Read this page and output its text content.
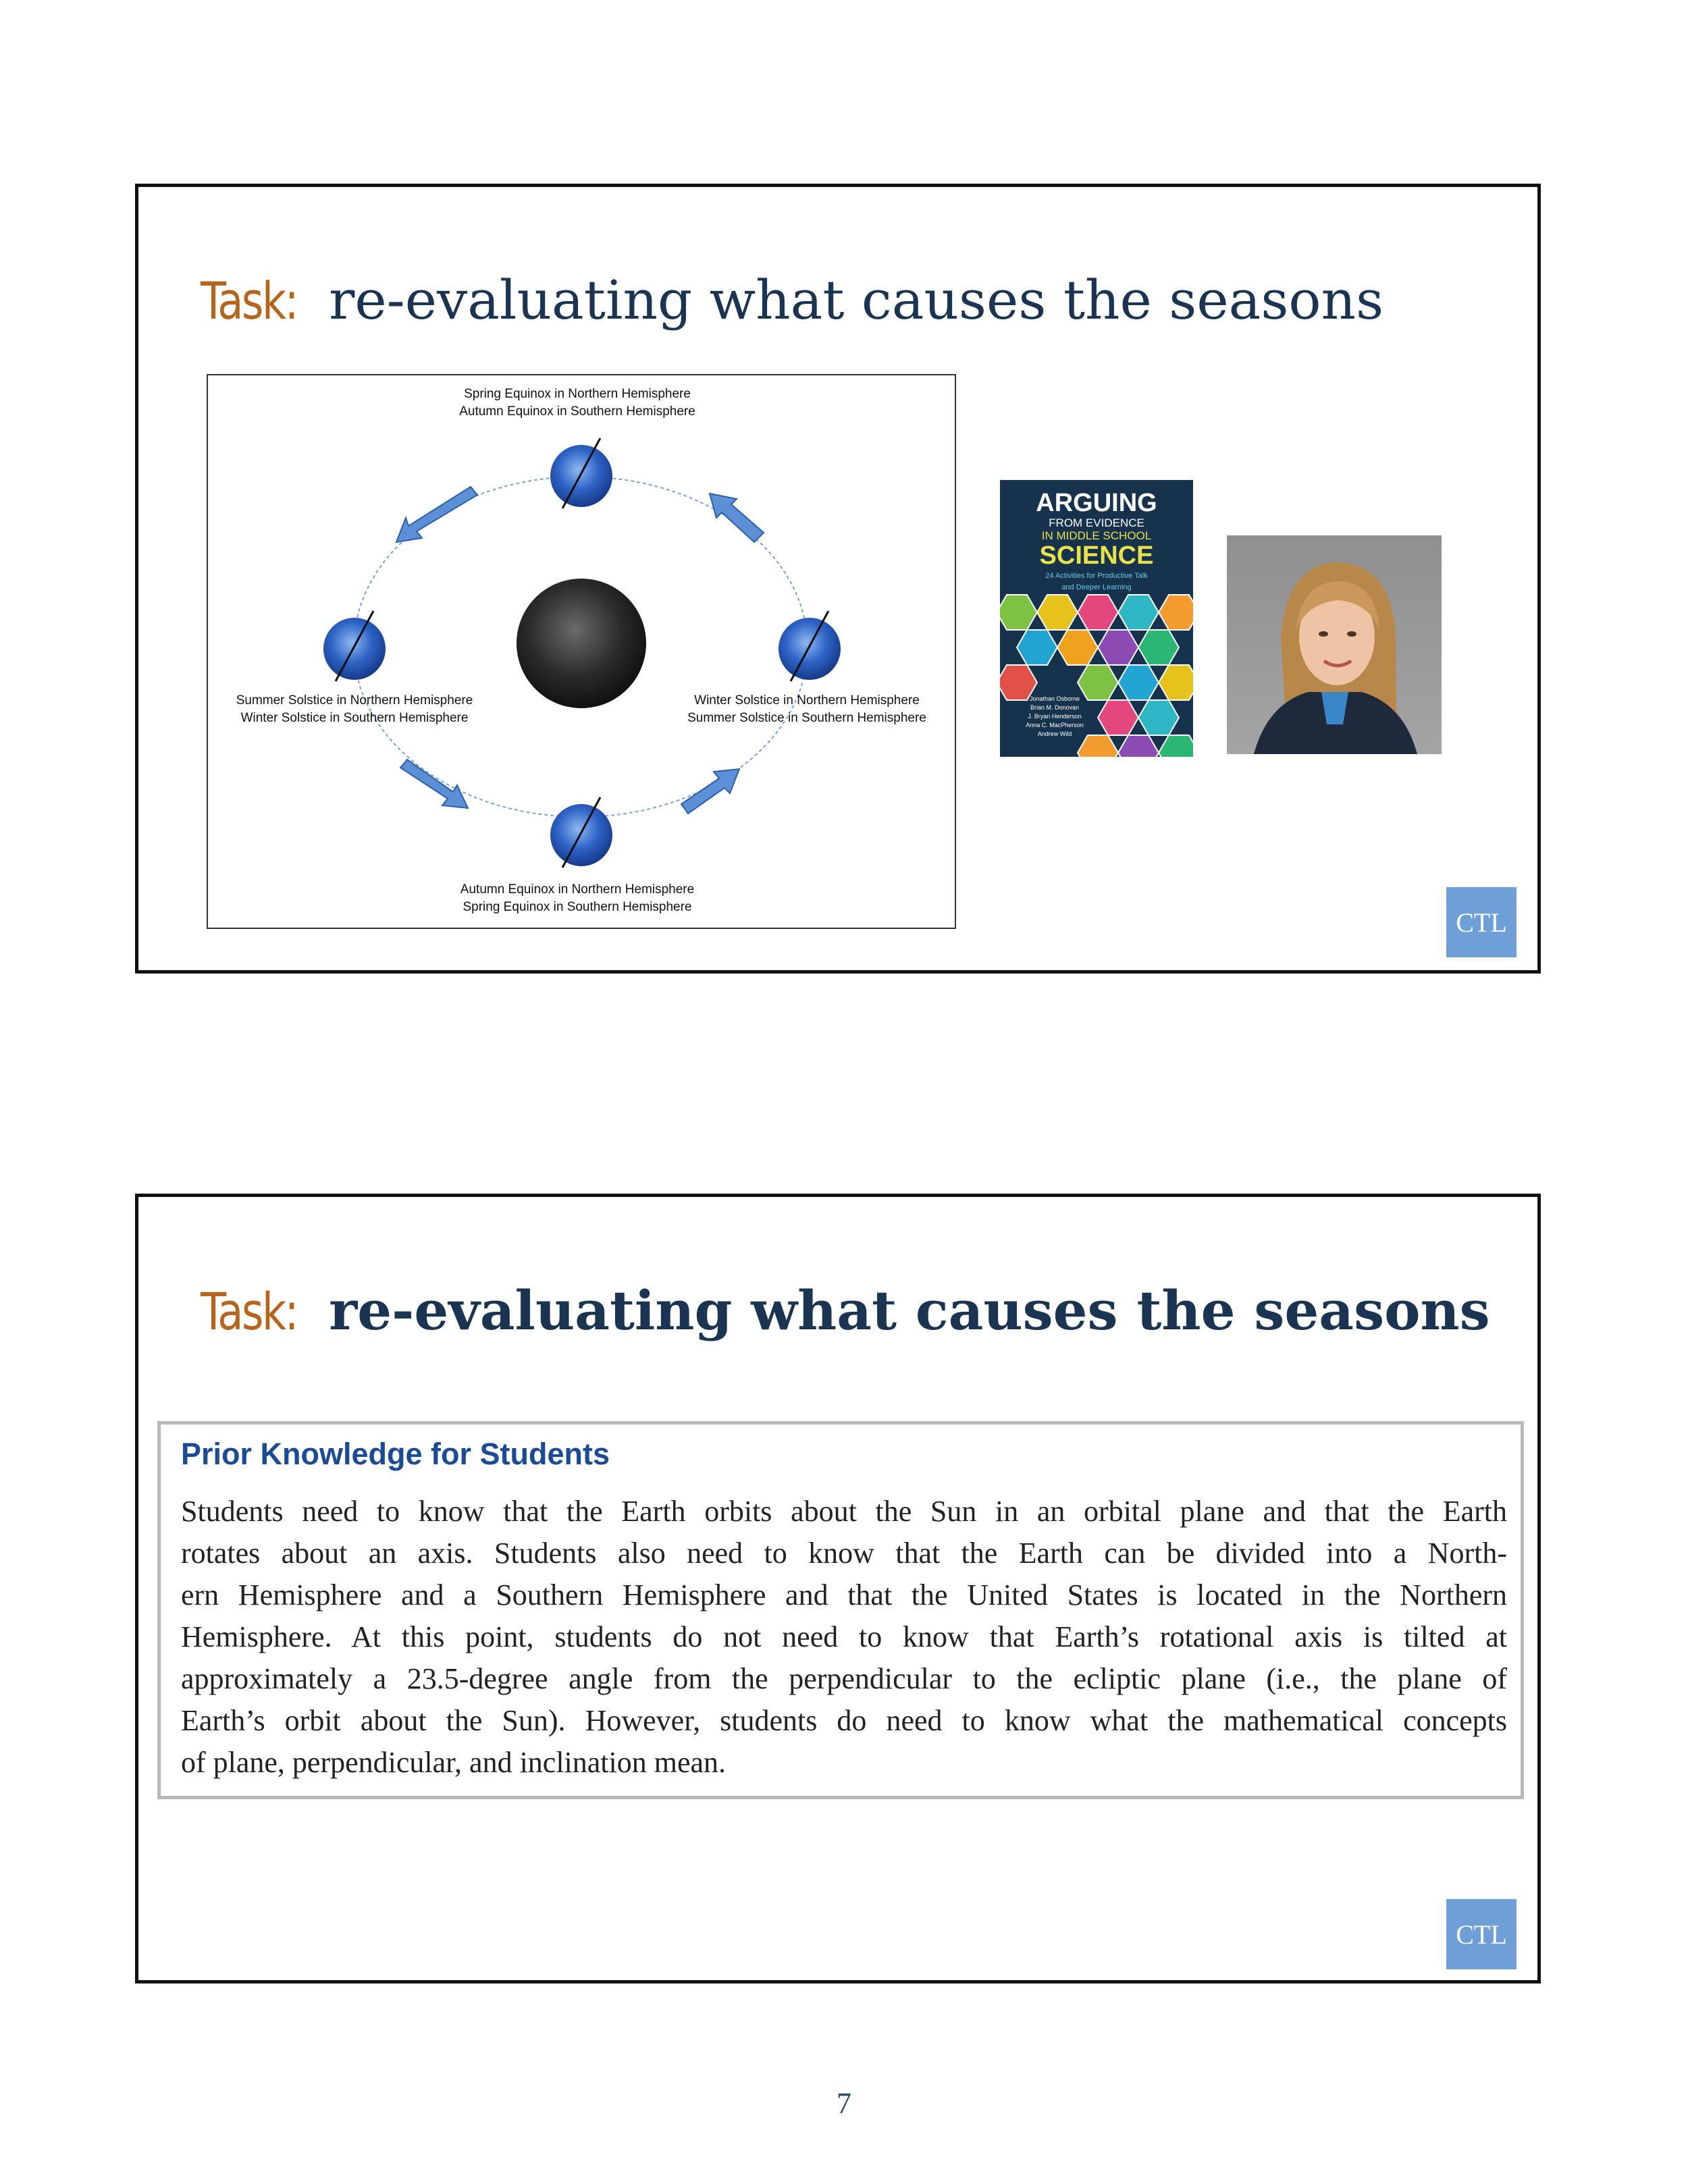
Task: re-evaluating what causes the seasons
Spring Equinox in Northern Hemisphere
Autumn Equinox in Southern Hemisphere
Summer Solstice in Northern Hemisphere
Winter Solstice in Southern Hemisphere
Winter Solstice in Northern Hemisphere
Summer Solstice in Southern Hemisphere
Autumn Equinox in Northern Hemisphere
Spring Equinox in Southern Hemisphere
ARGUING
FROM EVIDENCE
IN MIDDLE SCHOOL
SCIENCE
24 Activities for Productive Talk
and Deeper Learning
Jonathan Osborne
Brian M. Donovan
J. Bryan Henderson
Anna C. MacPherson
Andrew Wild
CTL
Task: re-evaluating what causes the seasons
Prior Knowledge for Students
Students need to know that the Earth orbits about the Sun in an orbital plane and that the Earth
rotates about an axis. Students also need to know that the Earth can be divided into a North-
ern Hemisphere and a Southern Hemisphere and that the United States is located in the Northern
Hemisphere. At this point, students do not need to know that Earth’s rotational axis is tilted at
approximately a 23.5-degree angle from the perpendicular to the ecliptic plane (i.e., the plane of
Earth’s orbit about the Sun). However, students do need to know what the mathematical concepts
of plane, perpendicular, and inclination mean.
CTL
7
